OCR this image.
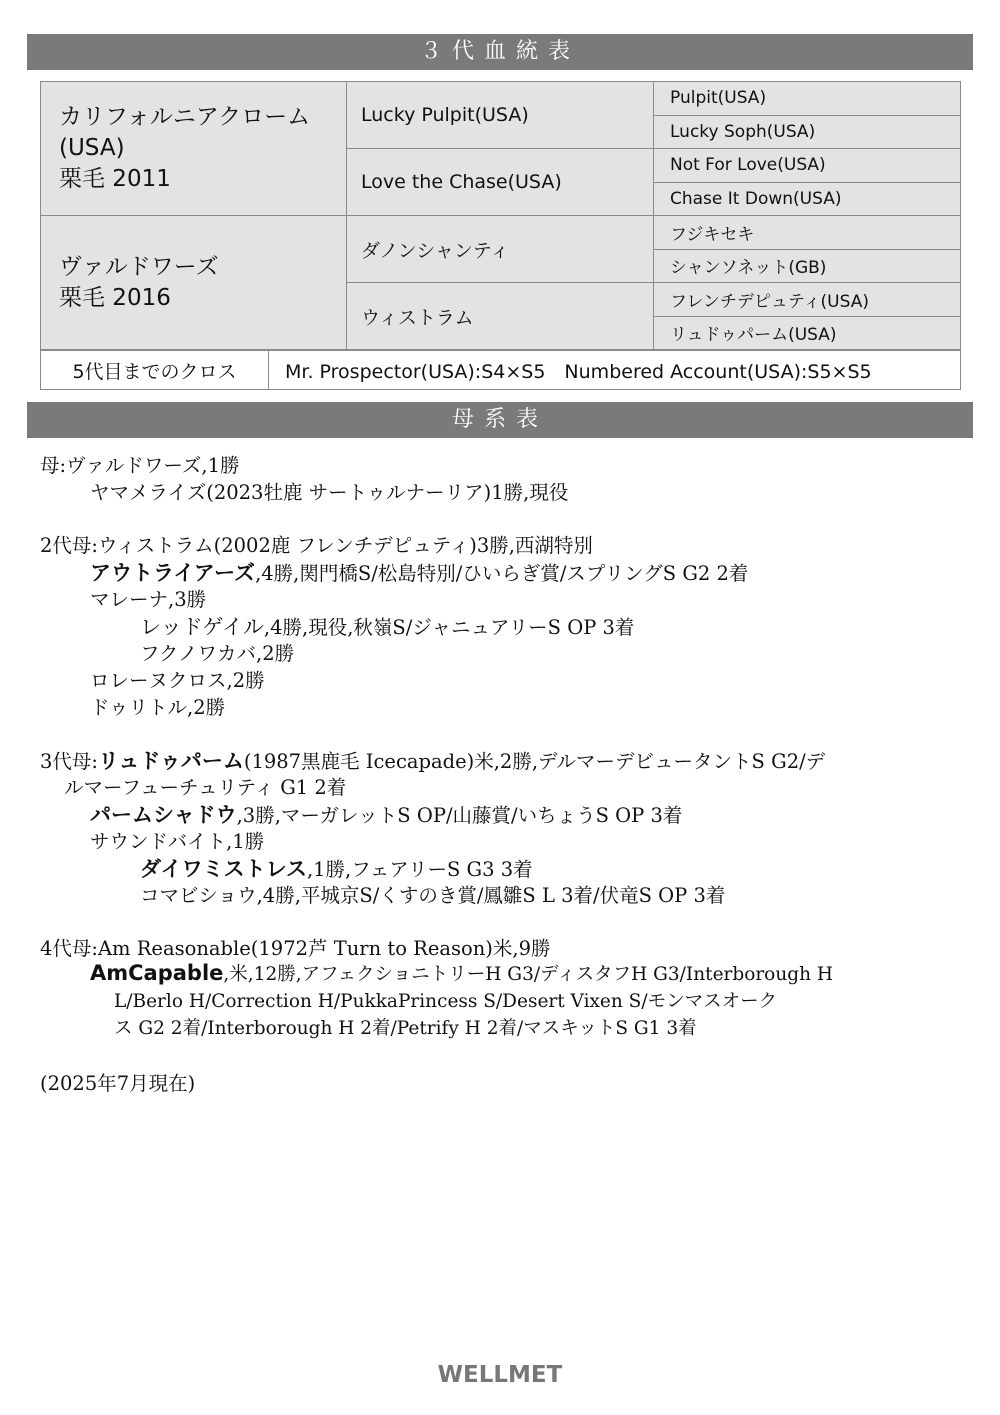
３代血統表
カリフォルニアクローム
(USA)
栗毛 2011	Lucky Pulpit(USA)	Pulpit(USA)
		Lucky Soph(USA)
	Love the Chase(USA)	Not For Love(USA)
		Chase It Down(USA)

ヴァルドワーズ
栗毛 2016	ダノンシャンティ	フジキセキ
		シャンソネット(GB)
	ウィストラム	フレンチデピュティ(USA)
		リュドゥパーム(USA)
5代目までのクロス	Mr. Prospector(USA):S4×S5　Numbered Account(USA):S5×S5
母系表
母:ヴァルドワーズ,1勝
ヤマメライズ(2023牡鹿 サートゥルナーリア)1勝,現役
2代母:ウィストラム(2002鹿 フレンチデピュティ)3勝,西湖特別
アウトライアーズ,4勝,関門橋S/松島特別/ひいらぎ賞/スプリングS G2 2着
マレーナ,3勝
レッドゲイル,4勝,現役,秋嶺S/ジャニュアリーS OP 3着
フクノワカバ,2勝
ロレーヌクロス,2勝
ドゥリトル,2勝
3代母:リュドゥパーム(1987黒鹿毛 Icecapade)米,2勝,デルマーデビュータントS G2/デ
ルマーフューチュリティ G1 2着
パームシャドウ,3勝,マーガレットS OP/山藤賞/いちょうS OP 3着
サウンドバイト,1勝
ダイワミストレス,1勝,フェアリーS G3 3着
コマビショウ,4勝,平城京S/くすのき賞/鳳雛S L 3着/伏竜S OP 3着
4代母:Am Reasonable(1972芦 Turn to Reason)米,9勝
AmCapable,米,12勝,アフェクショニトリーH G3/ディスタフH G3/Interborough H
L/Berlo H/Correction H/PukkaPrincess S/Desert Vixen S/モンマスオーク
ス G2 2着/Interborough H 2着/Petrify H 2着/マスキットS G1 3着
(2025年7月現在)
WELLMET
